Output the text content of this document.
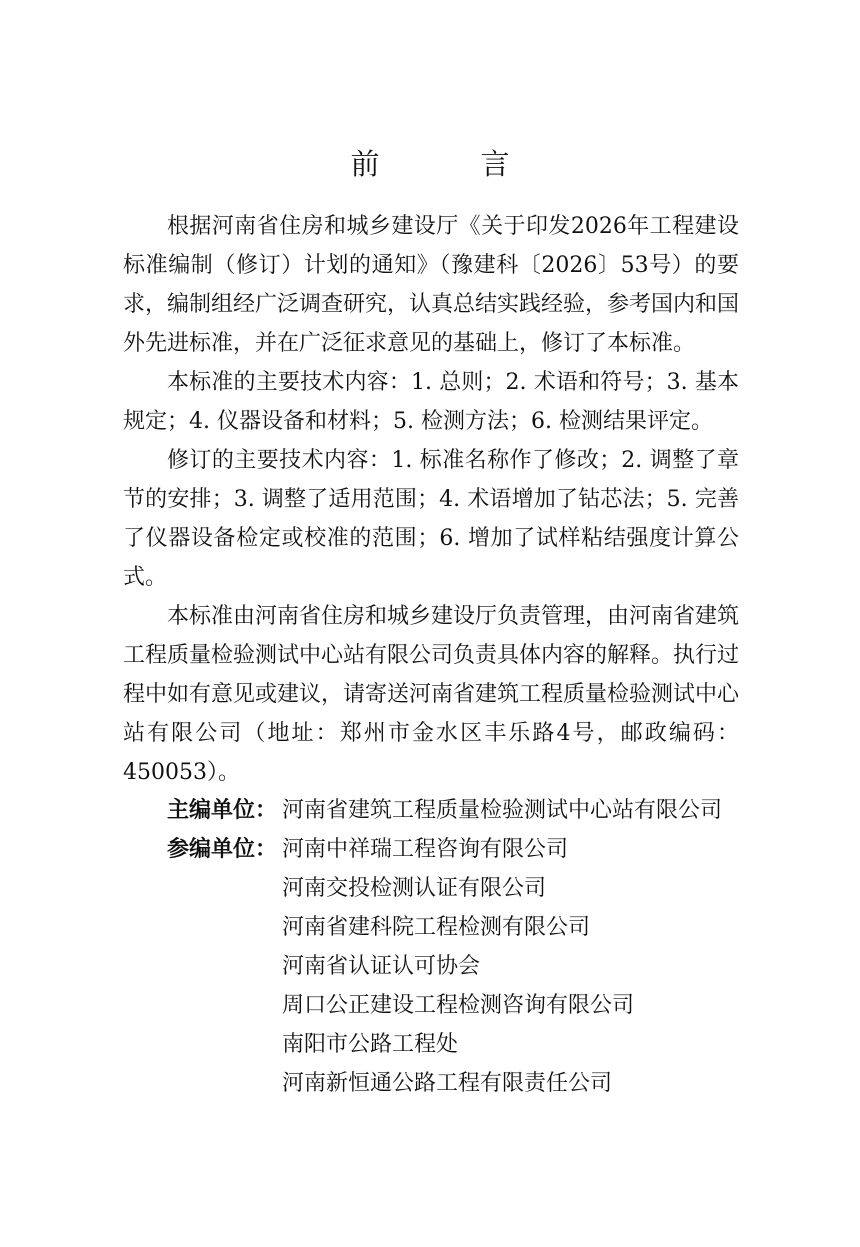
前　言

根据河南省住房和城乡建设厅《关于印发2026年工程建设标准编制（修订）计划的通知》（豫建科〔2026〕53号）的要求，编制组经广泛调查研究，认真总结实践经验，参考国内和国外先进标准，并在广泛征求意见的基础上，修订了本标准。

本标准的主要技术内容：1. 总则；2. 术语和符号；3. 基本规定；4. 仪器设备和材料；5. 检测方法；6. 检测结果评定。

修订的主要技术内容：1. 标准名称作了修改；2. 调整了章节的安排；3. 调整了适用范围；4. 术语增加了钻芯法；5. 完善了仪器设备检定或校准的范围；6. 增加了试样粘结强度计算公式。

本标准由河南省住房和城乡建设厅负责管理，由河南省建筑工程质量检验测试中心站有限公司负责具体内容的解释。执行过程中如有意见或建议，请寄送河南省建筑工程质量检验测试中心站有限公司（地址：郑州市金水区丰乐路4号，邮政编码：450053）。

主编单位： 河南省建筑工程质量检验测试中心站有限公司
参编单位： 河南中祥瑞工程咨询有限公司
河南交投检测认证有限公司
河南省建科院工程检测有限公司
河南省认证认可协会
周口公正建设工程检测咨询有限公司
南阳市公路工程处
河南新恒通公路工程有限责任公司
